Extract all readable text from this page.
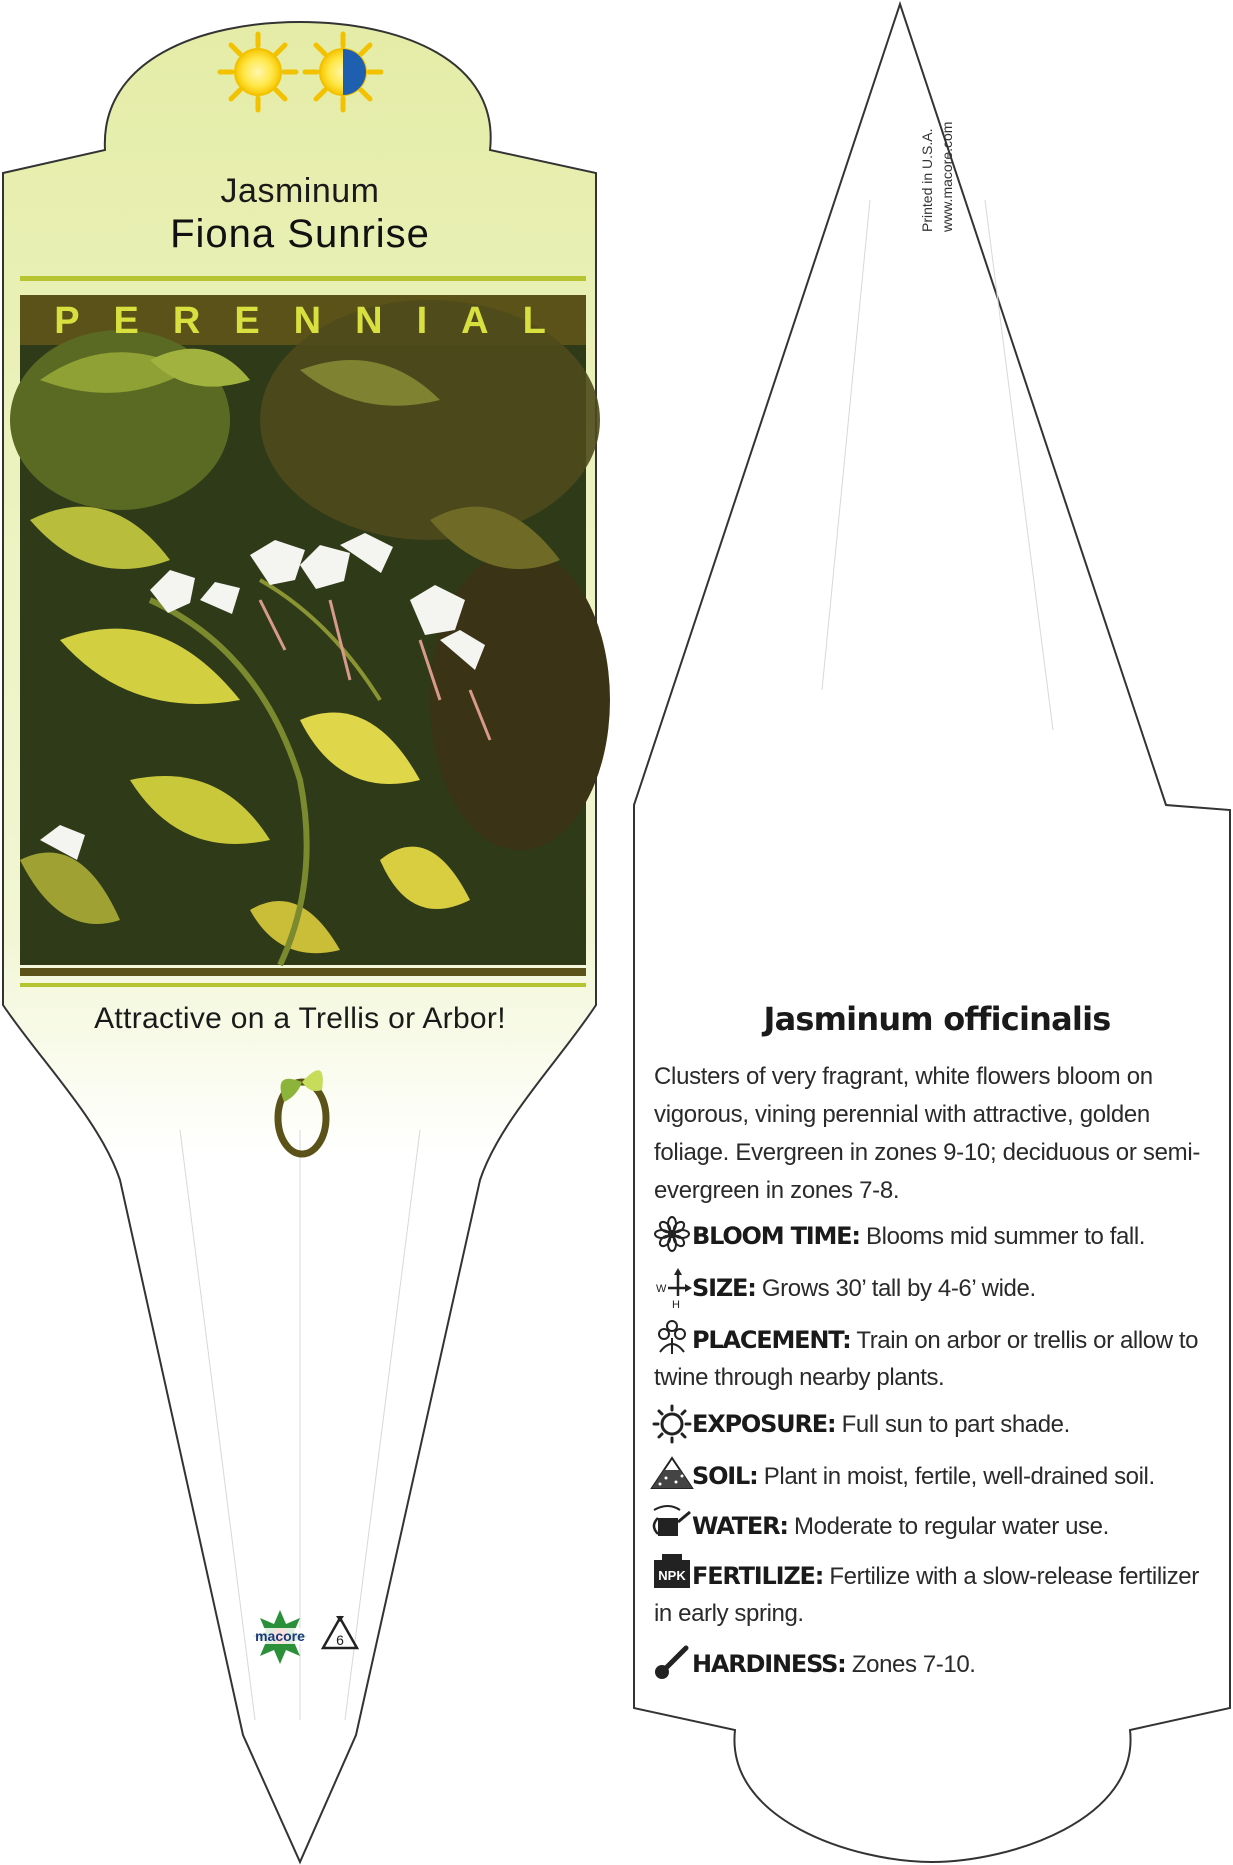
macore 6
W
H
NPK
Jasminum
Fiona Sunrise
PERENNIAL
Attractive on a Trellis or Arbor!
Printed in U.S.A. www.macore.com
Jasminum officinalis
Clusters of very fragrant, white flowers bloom on vigorous, vining perennial with attractive, golden foliage. Evergreen in zones 9-10; deciduous or semi-evergreen in zones 7-8.
BLOOM TIME: Blooms mid summer to fall.
SIZE: Grows 30’ tall by 4-6’ wide.
PLACEMENT: Train on arbor or trellis or allow to twine through nearby plants.
EXPOSURE: Full sun to part shade.
SOIL: Plant in moist, fertile, well-drained soil.
WATER: Moderate to regular water use.
FERTILIZE: Fertilize with a slow-release fertilizer in early spring.
HARDINESS: Zones 7-10.
